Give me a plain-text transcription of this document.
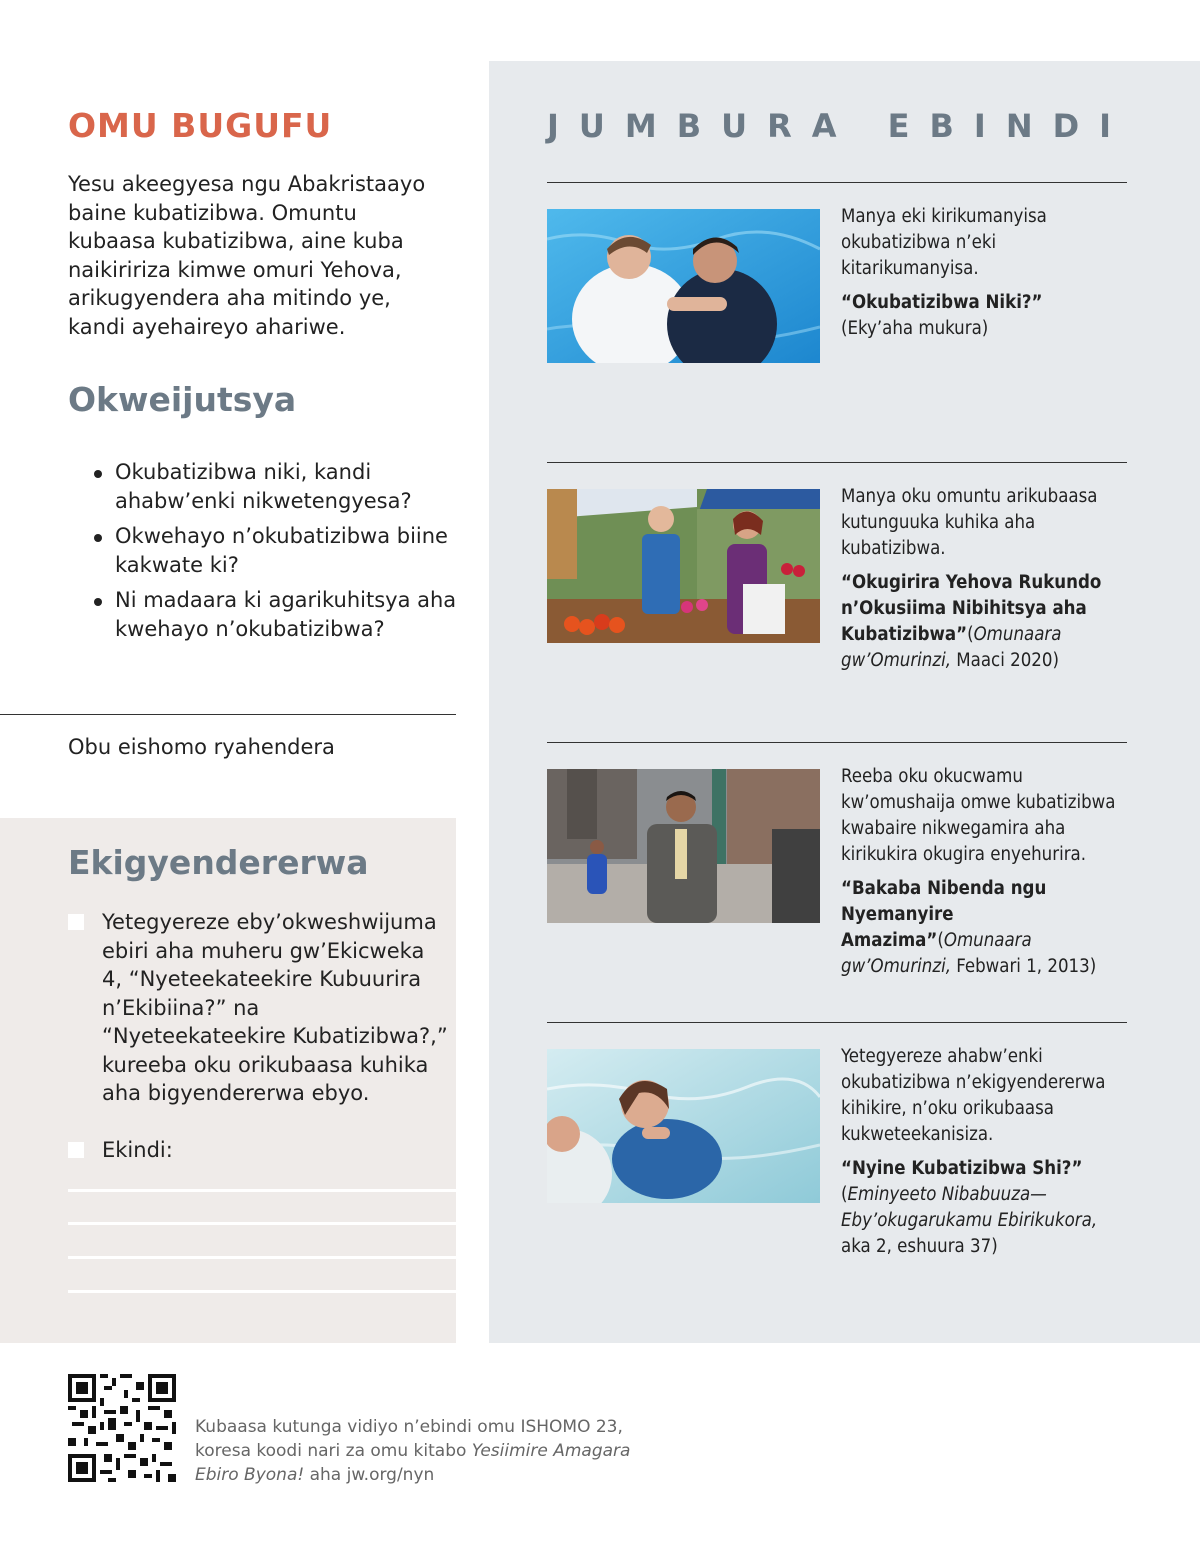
OMU BUGUFU
Yesu akeegyesa ngu Abakristaayo baine kubatizibwa. Omuntu kubaasa kubatizibwa, aine kuba naikiririza kimwe omuri Yehova, arikugyendera aha mitindo ye, kandi ayehaireyo ahariwe.
Okweijutsya
Okubatizibwa niki, kandi ahabw’enki nikwetengyesa?
Okwehayo n’okubatizibwa biine kakwate ki?
Ni madaara ki agarikuhitsya aha kwehayo n’okubatizibwa?
Obu eishomo ryahendera
Ekigyendererwa
Yetegyereze eby’okweshwijuma ebiri aha muheru gw’Ekicweka 4, “Nyeteekateekire Kubuurira n’Ekibiina?” na “Nyeteekateekire Kubatizibwa?,” kureeba oku orikubaasa kuhika aha bigyendererwa ebyo.
Ekindi:
JUMBURA EBINDI

Manya eki kirikumanyisa okubatizibwa n’eki kitarikumanyisa.

“Okubatizibwa Niki?”
(Eky’aha mukura)

Manya oku omuntu arikubaasa kutunguuka kuhika aha kubatizibwa.

“Okugirira Yehova Rukundo n’Okusiima Nibihitsya aha Kubatizibwa”(Omunaara gw’Omurinzi, Maaci 2020)

Reeba oku okucwamu kw’omushaija omwe kubatizibwa kwabaire nikwegamira aha kirikukira okugira enyehurira.

“Bakaba Nibenda ngu Nyemanyire Amazima”(Omunaara gw’Omurinzi, Febwari 1, 2013)

Yetegyereze ahabw’enki okubatizibwa n’ekigyendererwa kihikire, n’oku orikubaasa kukweteekanisiza.

“Nyine Kubatizibwa Shi?”
(Eminyeeto Nibabuuza—Eby’okugarukamu Ebirikukora, aka 2, eshuura 37)
Kubaasa kutunga vidiyo n’ebindi omu ISHOMO 23, koresa koodi nari za omu kitabo Yesiimire Amagara Ebiro Byona! aha jw.org/nyn
